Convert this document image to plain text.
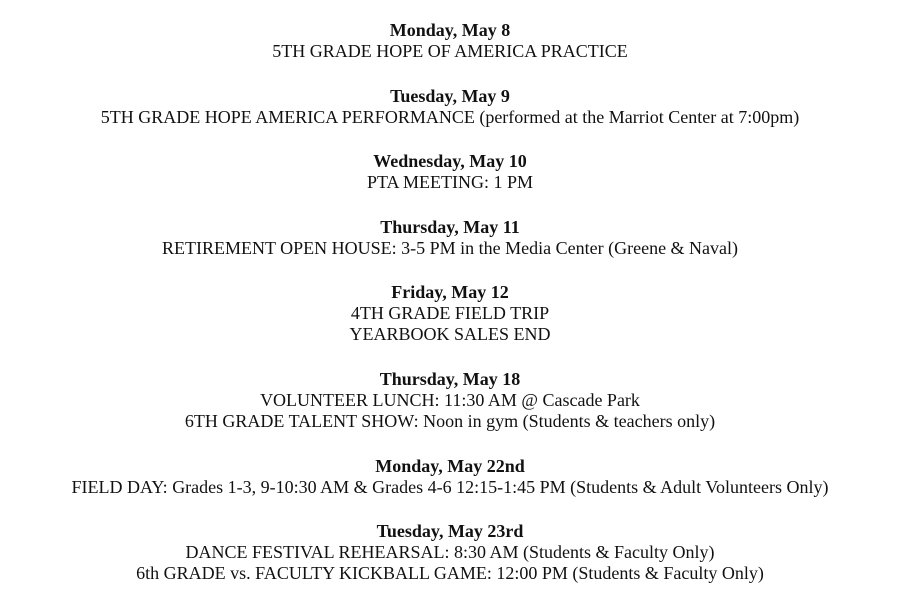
Monday, May 8
5TH GRADE HOPE OF AMERICA PRACTICE
Tuesday, May 9
5TH GRADE HOPE AMERICA PERFORMANCE (performed at the Marriot Center at 7:00pm)
Wednesday, May 10
PTA MEETING: 1 PM
Thursday, May 11
RETIREMENT OPEN HOUSE: 3-5 PM in the Media Center (Greene & Naval)
Friday, May 12
4TH GRADE FIELD TRIP
YEARBOOK SALES END
Thursday, May 18
VOLUNTEER LUNCH: 11:30 AM @ Cascade Park
6TH GRADE TALENT SHOW: Noon in gym (Students & teachers only)
Monday, May 22nd
FIELD DAY: Grades 1-3, 9-10:30 AM & Grades 4-6 12:15-1:45 PM (Students & Adult Volunteers Only)
Tuesday, May 23rd
DANCE FESTIVAL REHEARSAL: 8:30 AM (Students & Faculty Only)
6th GRADE vs. FACULTY KICKBALL GAME: 12:00 PM (Students & Faculty Only)
